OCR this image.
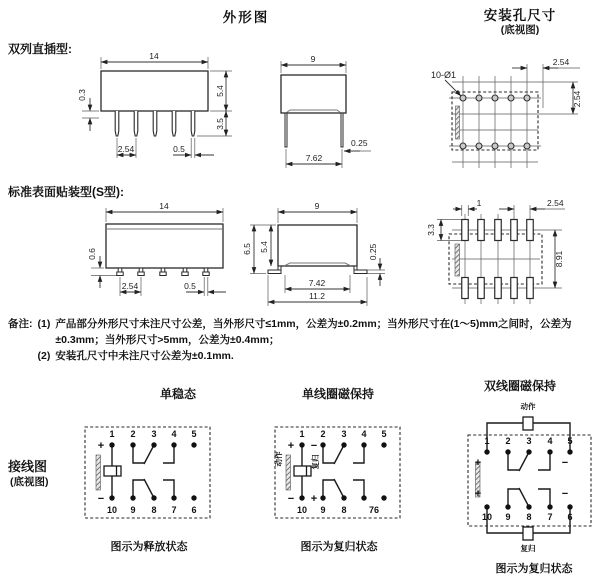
外形图	安装孔尺寸
(底视图)
双列直插型:	14
5.4
3.5
0.3
2.54	0.5
9
7.62
0.25
10-Ø1
2.54
2.54
标准表面贴装型(S型):
14
0.6
2.54	0.5
9
6.5 5.4	0.25
7.42
11.2
1	2.54
3.3
8.91
备注: (1) 产品部分外形尺寸未注尺寸公差，当外形尺寸≤1mm，公差为±0.2mm；当外形尺寸在(1～5)mm之间时，公差为±0.3mm；当外形尺寸>5mm，公差为±0.4mm；
(2) 安装孔尺寸中未注尺寸公差为±0.1mm.
单稳态	单线圈磁保持
双线圈磁保持
接线图
(底视图)
1 2 3 4 5
10 9 8 7 6
+
−
图示为释放状态
1 2 3 4 5
10 9 8 76
+ −
− +
动作	复归
图示为复归状态
1 2 3 4 5
10 9 8 7 6
+	−
+	−
动作
复归
图示为复归状态
